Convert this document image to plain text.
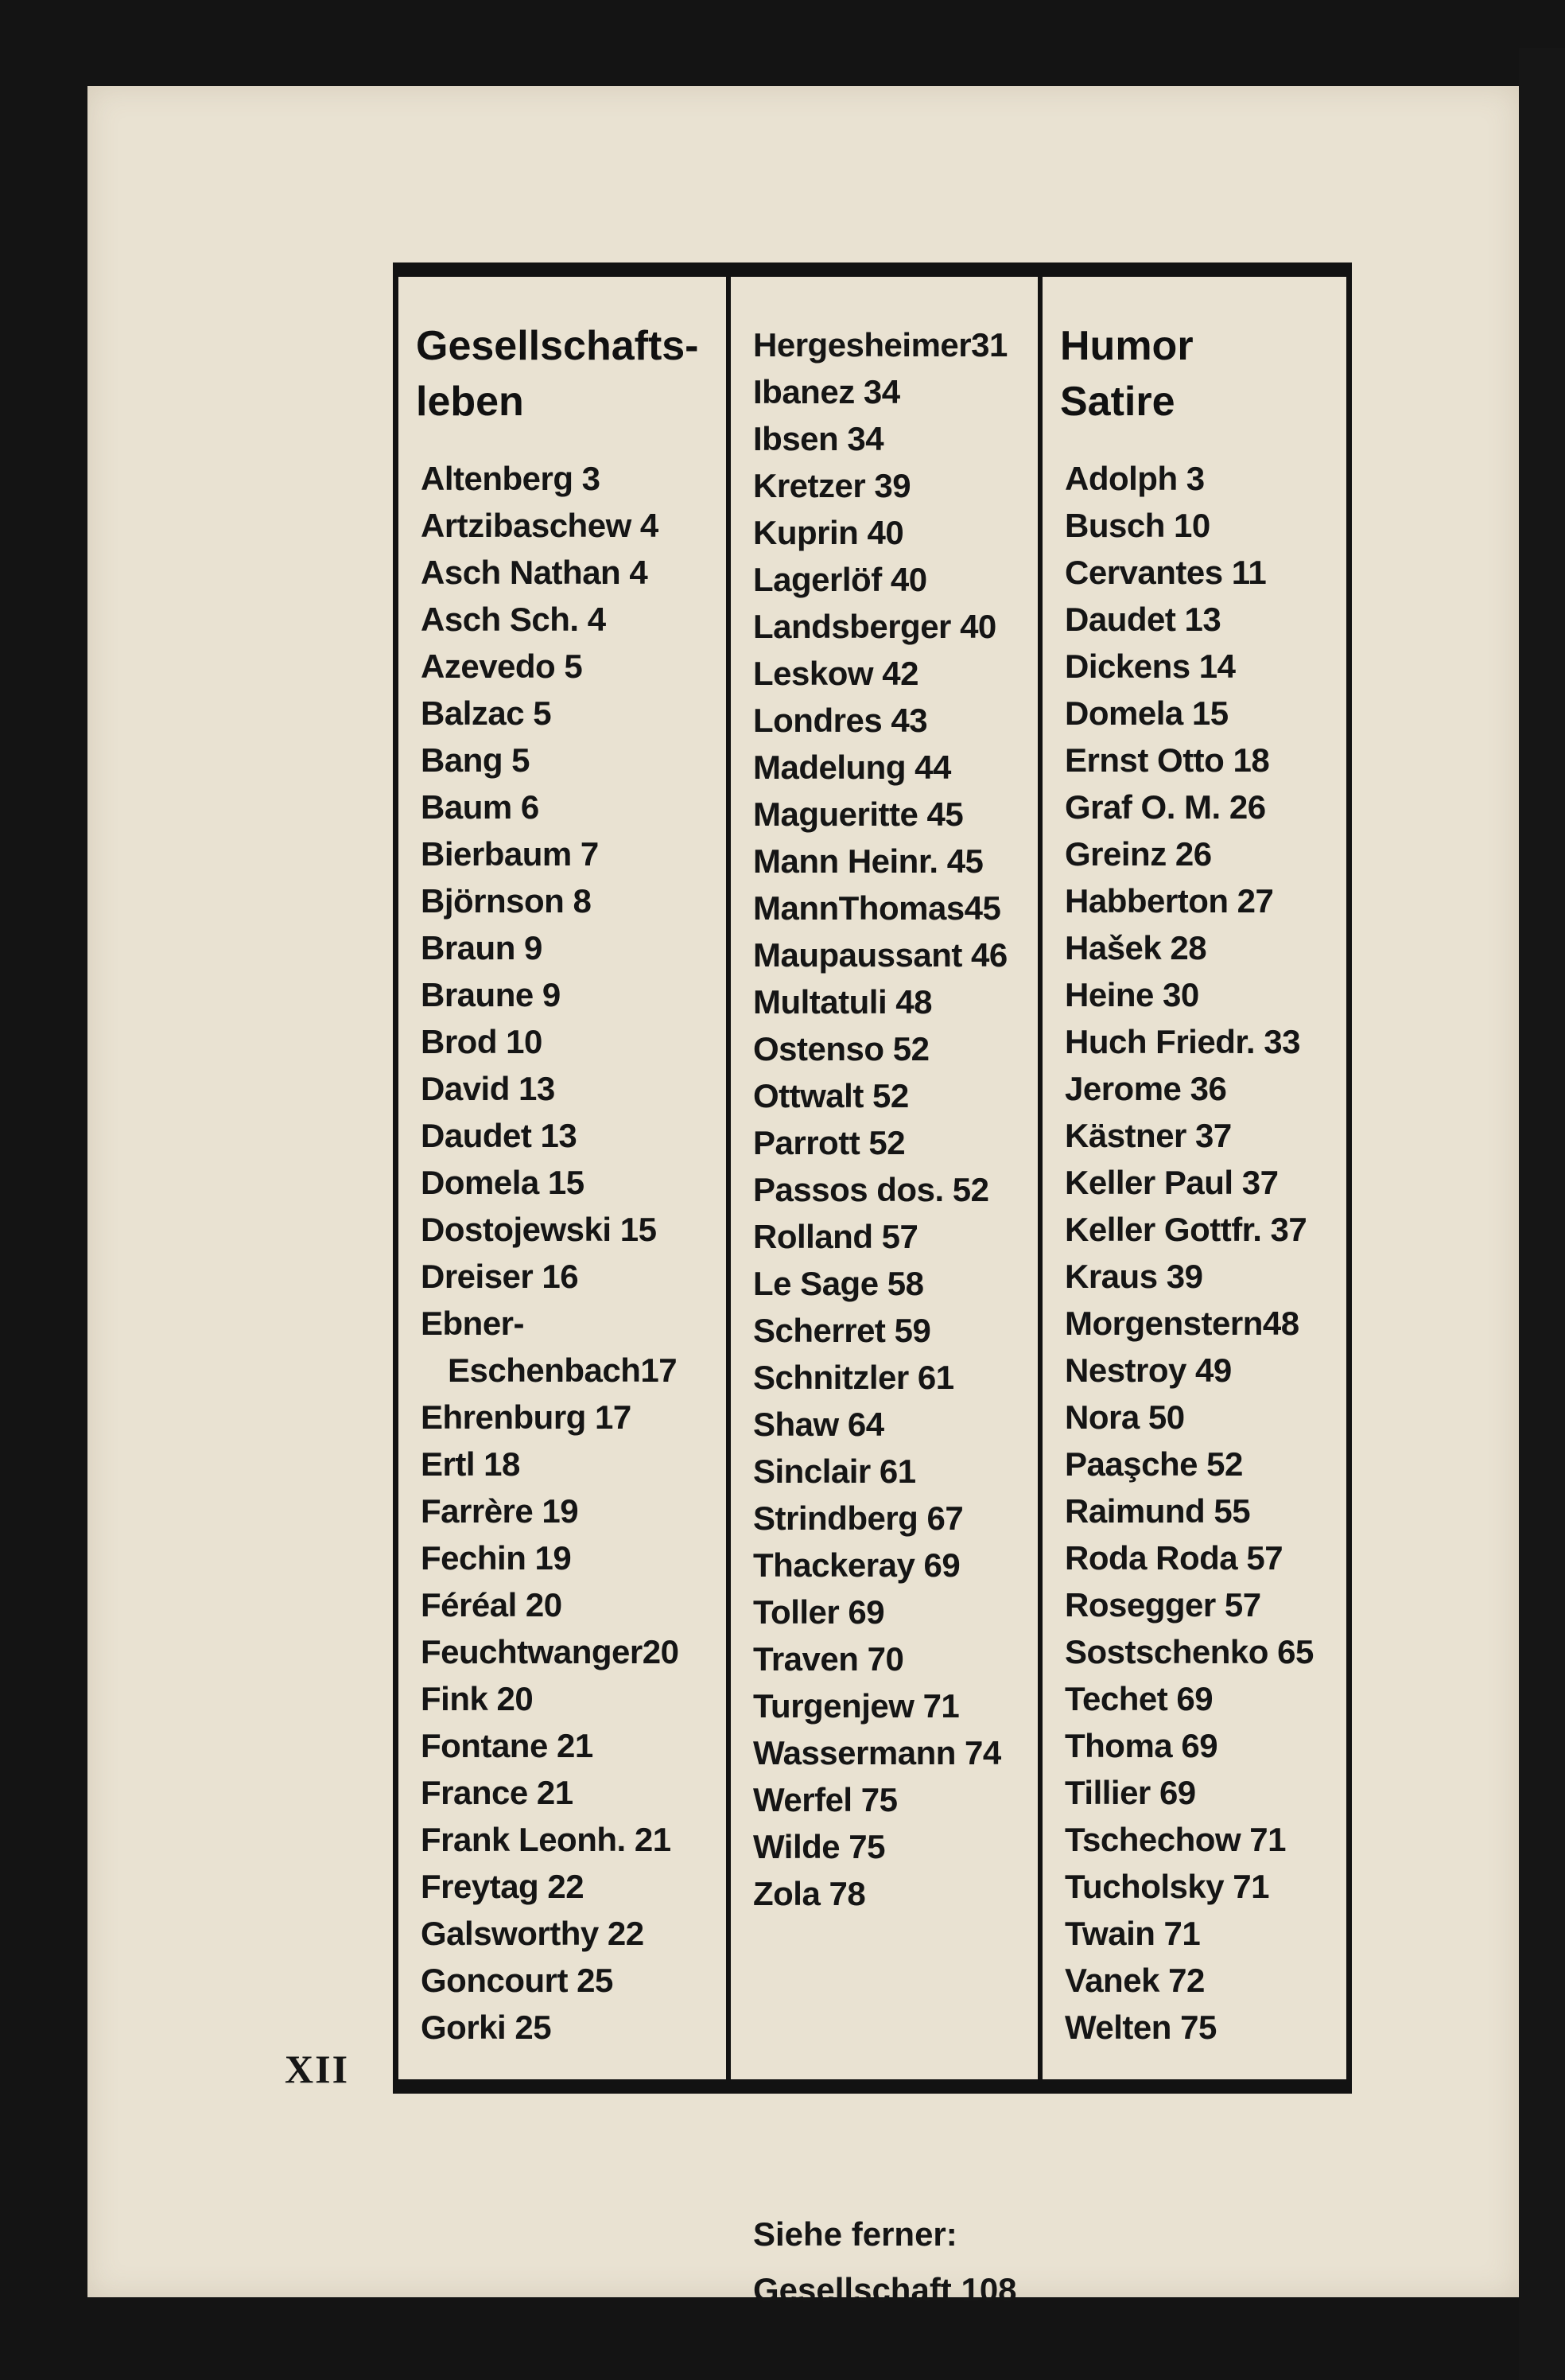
Gesellschafts-
leben
Altenberg 3
Artzibaschew 4
Asch Nathan 4
Asch Sch. 4
Azevedo 5
Balzac 5
Bang 5
Baum 6
Bierbaum 7
Björnson 8
Braun 9
Braune 9
Brod 10
David 13
Daudet 13
Domela 15
Dostojewski 15
Dreiser 16
Ebner-
Eschenbach17
Ehrenburg 17
Ertl 18
Farrère 19
Fechin 19
Féréal 20
Feuchtwanger20
Fink 20
Fontane 21
France 21
Frank Leonh. 21
Freytag 22
Galsworthy 22
Goncourt 25
Gorki 25
Hergesheimer31
Ibanez 34
Ibsen 34
Kretzer 39
Kuprin 40
Lagerlöf 40
Landsberger 40
Leskow 42
Londres 43
Madelung 44
Magueritte 45
Mann Heinr. 45
MannThomas45
Maupaussant 46
Multatuli 48
Ostenso 52
Ottwalt 52
Parrott 52
Passos dos. 52
Rolland 57
Le Sage 58
Scherret 59
Schnitzler 61
Shaw 64
Sinclair 61
Strindberg 67
Thackeray 69
Toller 69
Traven 70
Turgenjew 71
Wassermann 74
Werfel 75
Wilde 75
Zola 78
Siehe ferner:
Gesellschaft 108
Humor
Satire
Adolph 3
Busch 10
Cervantes 11
Daudet 13
Dickens 14
Domela 15
Ernst Otto 18
Graf O. M. 26
Greinz 26
Habberton 27
Hašek 28
Heine 30
Huch Friedr. 33
Jerome 36
Kästner 37
Keller Paul 37
Keller Gottfr. 37
Kraus 39
Morgenstern48
Nestroy 49
Nora 50
Paaşche 52
Raimund 55
Roda Roda 57
Rosegger 57
Sostschenko 65
Techet 69
Thoma 69
Tillier 69
Tschechow 71
Tucholsky 71
Twain 71
Vanek 72
Welten 75
XII
